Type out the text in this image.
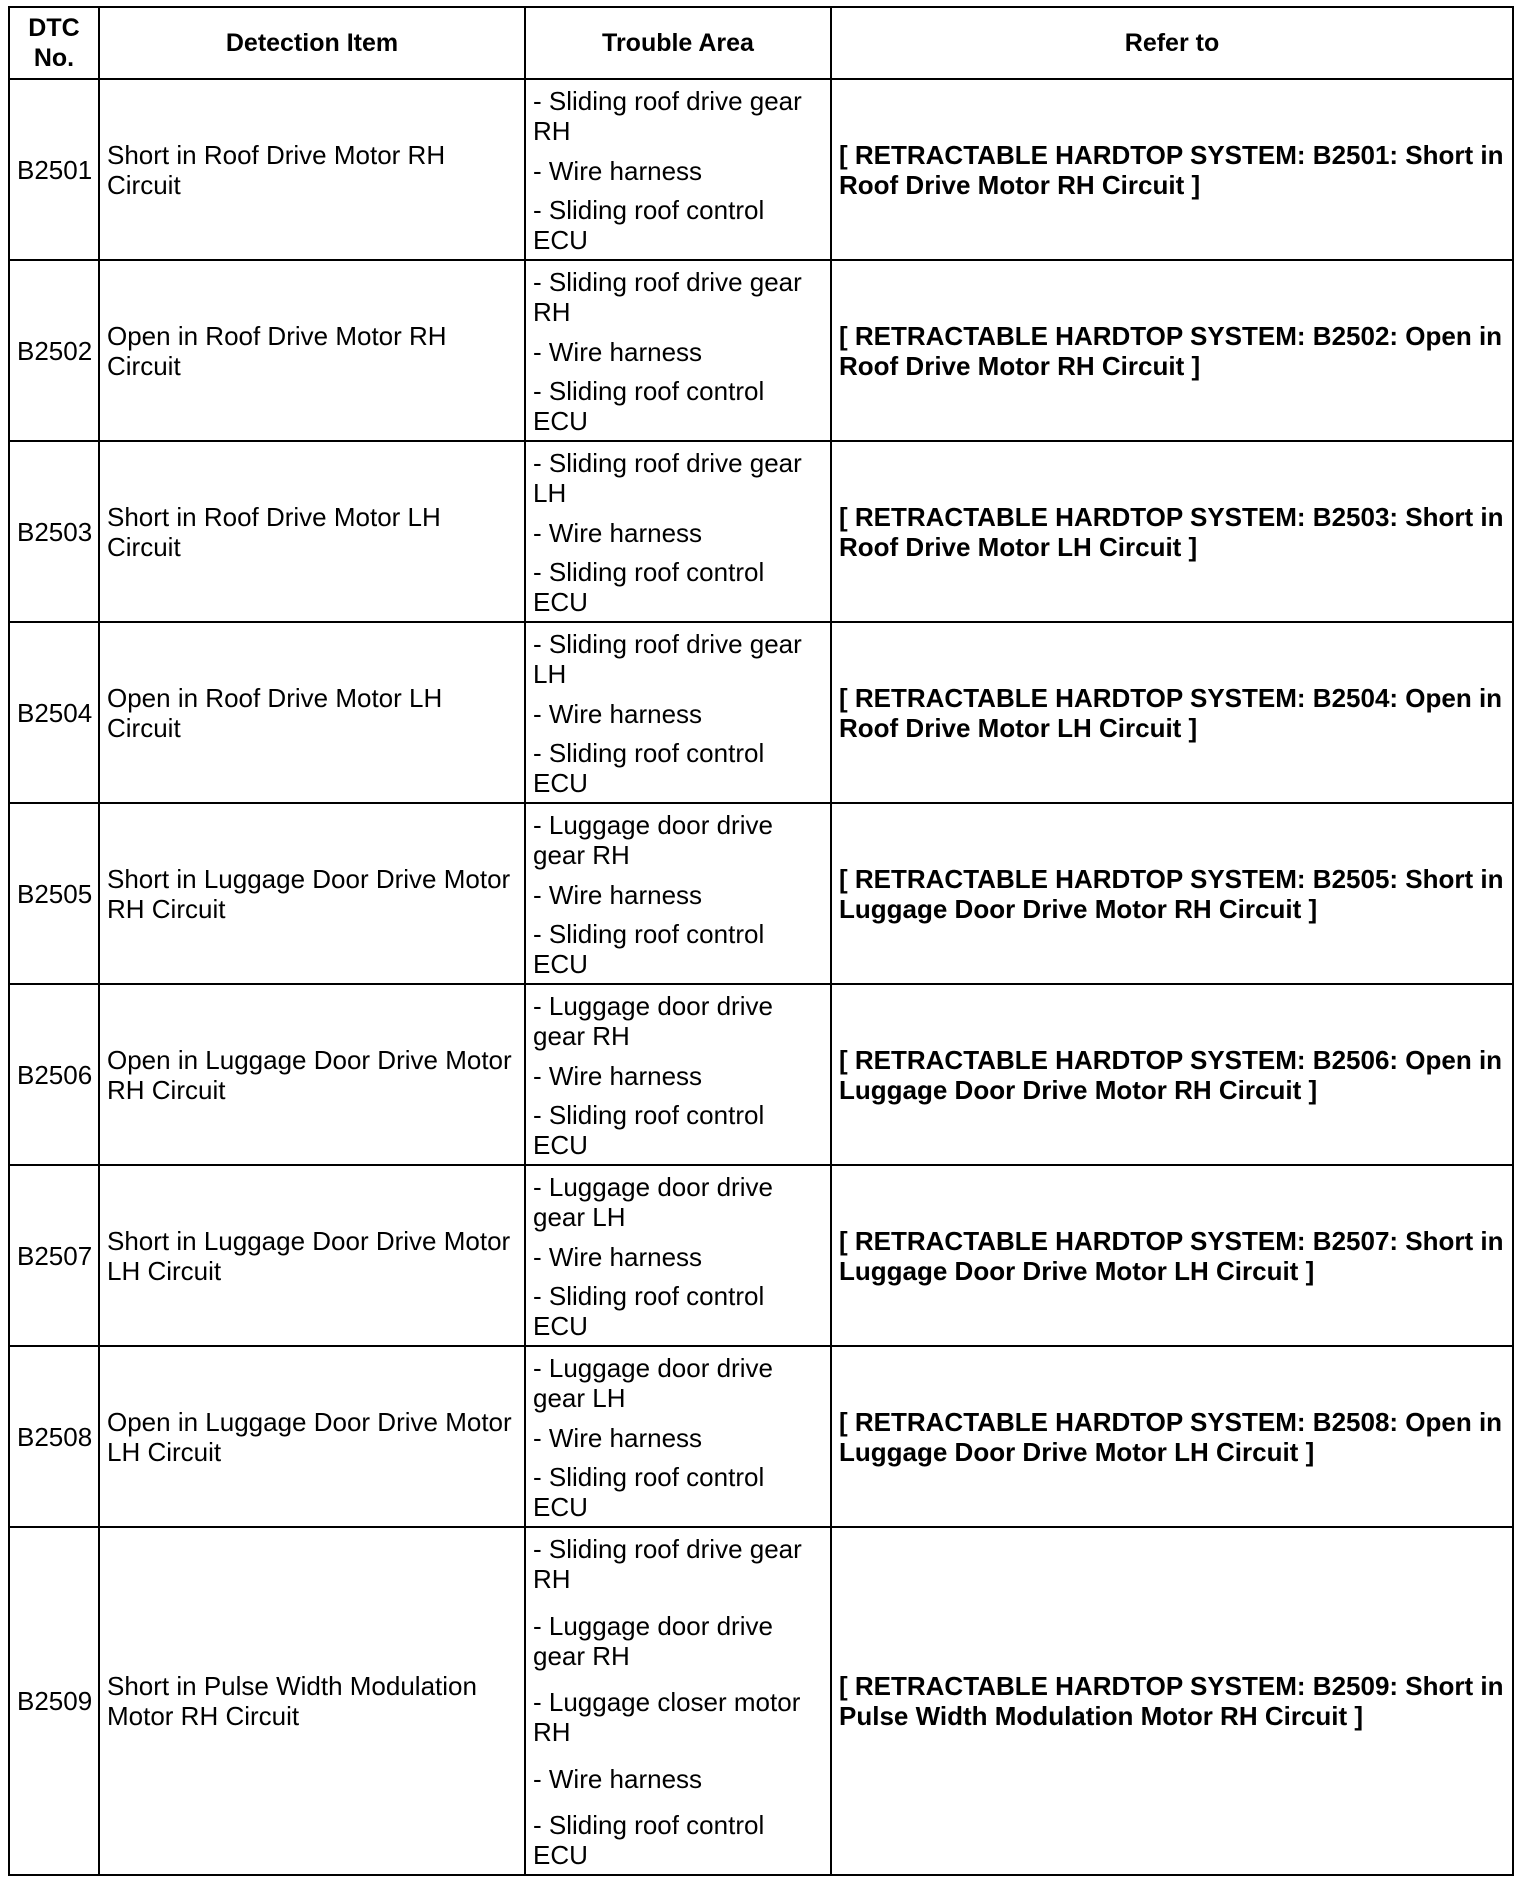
DTC No.	Detection Item	Trouble Area	Refer to
B2501	Short in Roof Drive Motor RH Circuit	- Sliding roof drive gear RH
- Wire harness
- Sliding roof control ECU	[ RETRACTABLE HARDTOP SYSTEM: B2501: Short in Roof Drive Motor RH Circuit ]
B2502	Open in Roof Drive Motor RH Circuit	- Sliding roof drive gear RH
- Wire harness
- Sliding roof control ECU	[ RETRACTABLE HARDTOP SYSTEM: B2502: Open in Roof Drive Motor RH Circuit ]
B2503	Short in Roof Drive Motor LH Circuit	- Sliding roof drive gear LH
- Wire harness
- Sliding roof control ECU	[ RETRACTABLE HARDTOP SYSTEM: B2503: Short in Roof Drive Motor LH Circuit ]
B2504	Open in Roof Drive Motor LH Circuit	- Sliding roof drive gear LH
- Wire harness
- Sliding roof control ECU	[ RETRACTABLE HARDTOP SYSTEM: B2504: Open in Roof Drive Motor LH Circuit ]
B2505	Short in Luggage Door Drive Motor RH Circuit	- Luggage door drive gear RH
- Wire harness
- Sliding roof control ECU	[ RETRACTABLE HARDTOP SYSTEM: B2505: Short in Luggage Door Drive Motor RH Circuit ]
B2506	Open in Luggage Door Drive Motor RH Circuit	- Luggage door drive gear RH
- Wire harness
- Sliding roof control ECU	[ RETRACTABLE HARDTOP SYSTEM: B2506: Open in Luggage Door Drive Motor RH Circuit ]
B2507	Short in Luggage Door Drive Motor LH Circuit	- Luggage door drive gear LH
- Wire harness
- Sliding roof control ECU	[ RETRACTABLE HARDTOP SYSTEM: B2507: Short in Luggage Door Drive Motor LH Circuit ]
B2508	Open in Luggage Door Drive Motor LH Circuit	- Luggage door drive gear LH
- Wire harness
- Sliding roof control ECU	[ RETRACTABLE HARDTOP SYSTEM: B2508: Open in Luggage Door Drive Motor LH Circuit ]
B2509	Short in Pulse Width Modulation Motor RH Circuit	- Sliding roof drive gear RH
- Luggage door drive gear RH
- Luggage closer motor RH
- Wire harness
- Sliding roof control ECU	[ RETRACTABLE HARDTOP SYSTEM: B2509: Short in Pulse Width Modulation Motor RH Circuit ]
